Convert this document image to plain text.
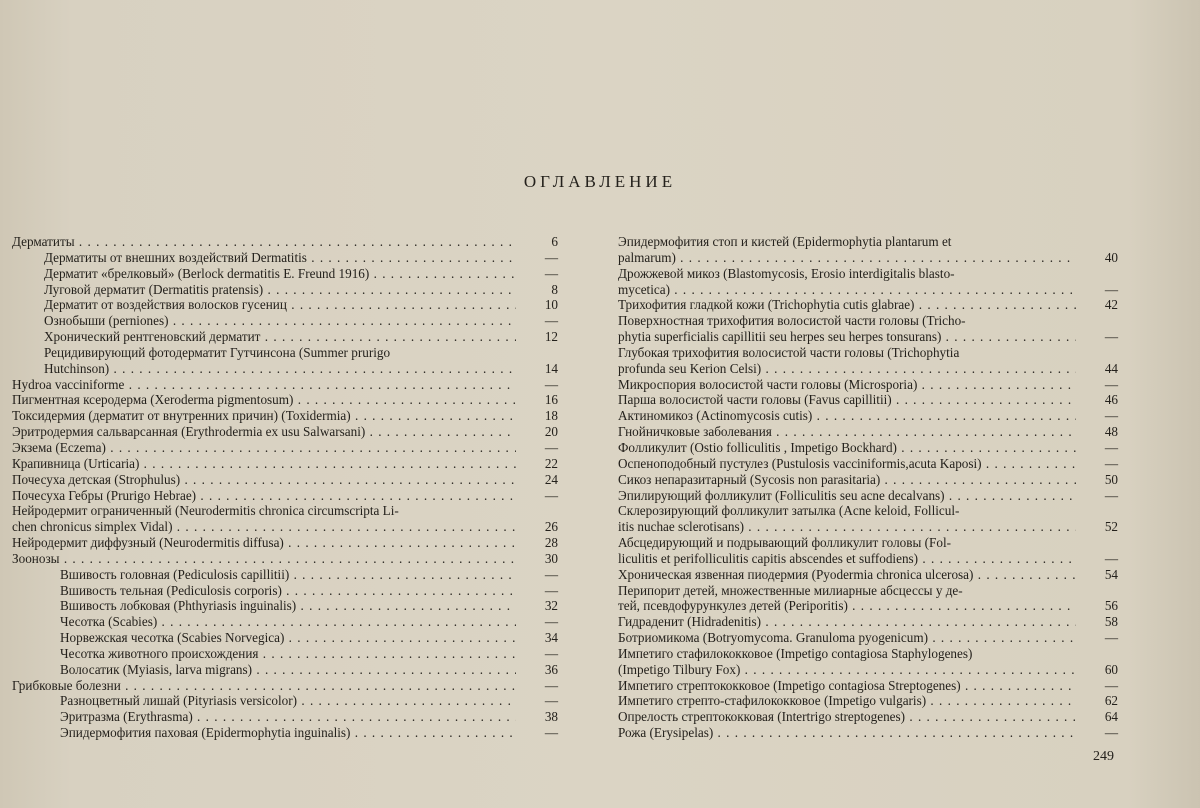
ОГЛАВЛЕНИЕ
Дерматиты . . .	6
Дерматиты от внешних воздействий Dermatitis . . .	—
Дерматит «брелковый» (Berlock dermatitis E. Freund 1916) . . .	—
Луговой дерматит (Dermatitis pratensis) . . .	8
Дерматит от воздействия волосков гусениц . . .	10
Ознобыши (perniones) . . .	—
Хронический рентгеновский дерматит . . .	12
Рецидивирующий фотодерматит Гутчинсона (Summer prurigo
Hutchinson) . . .	14
Hydroa vacciniforme . . .	—
Пигментная ксеродерма (Xeroderma pigmentosum) . . .	16
Токсидермия (дерматит от внутренних причин) (Toxidermia) . . .	18
Эритродермия сальварсанная (Erythrodermia ex usu Salwarsani) . . .	20
Экзема (Eczema) . . .	—
Крапивница (Urticaria) . . .	22
Почесуха детская (Strophulus) . . .	24
Почесуха Гебры (Prurigo Hebrae) . . .	—
Нейродермит ограниченный (Neurodermitis chronica circumscripta Li-
chen chronicus simplex Vidal) . . .	26
Нейродермит диффузный (Neurodermitis diffusa) . . .	28
Зоонозы . . .	30
Вшивость головная (Pediculosis capillitii) . . .	—
Вшивость тельная (Pediculosis corporis) . . .	—
Вшивость лобковая (Phthyriasis inguinalis) . . .	32
Чесотка (Scabies) . . .	—
Норвежская чесотка (Scabies Norvegica) . . .	34
Чесотка животного происхождения . . .	—
Волосатик (Myiasis, larva migrans) . . .	36
Грибковые болезни . . .	—
Разноцветный лишай (Pityriasis versicolor) . . .	—
Эритразма (Erythrasma) . . .	38
Эпидермофития паховая (Epidermophytia inguinalis) . . .	—
Эпидермофития стоп и кистей (Epidermophytia plantarum et
palmarum) . . .	40
Дрожжевой микоз (Blastomycosis, Erosio interdigitalis blasto-
mycetica) . . .	—
Трихофития гладкой кожи (Trichophytia cutis glabrae) . . .	42
Поверхностная трихофития волосистой части головы (Tricho-
phytia superficialis capillitii seu herpes seu herpes tonsurans) . . .	—
Глубокая трихофития волосистой части головы (Trichophytia
profunda seu Kerion Celsi) . . .	44
Микроспория волосистой части головы (Microsporia) . . .	—
Парша волосистой части головы (Favus capillitii) . . .	46
Актиномикоз (Actinomycosis cutis) . . .	—
Гнойничковые заболевания . . .	48
Фолликулит (Ostio folliculitis , Impetigo Bockhard) . . .	—
Оспеноподобный пустулез (Pustulosis vacciniformis,acuta Kaposi) . . .	—
Сикоз непаразитарный (Sycosis non parasitaria) . . .	50
Эпилирующий фолликулит (Folliculitis seu acne decalvans) . . .	—
Склерозирующий фолликулит затылка (Acne keloid, Follicul-
itis nuchae sclerotisans) . . .	52
Абсцедирующий и подрывающий фолликулит головы (Fol-
liculitis et perifolliculitis capitis abscendes et suffodiens) . . .	—
Хроническая язвенная пиодермия (Pyodermia chronica ulcerosa) . . .	54
Перипорит детей, множественные милиарные абсцессы у де-
тей, псевдофурункулез детей (Periporitis) . . .	56
Гидраденит (Hidradenitis) . . .	58
Ботриомикома (Botryomycoma. Granuloma pyogenicum) . . .	—
Импетиго стафилококковое (Impetigo contagiosa Staphylogenes)
(Impetigo Tilbury Fox) . . .	60
Импетиго стрептококковое (Impetigo contagiosa Streptogenes) . . .	—
Импетиго стрепто-стафилококковое (Impetigo vulgaris) . . .	62
Опрелость стрептококковая (Intertrigo streptogenes) . . .	64
Рожа (Erysipelas) . . .	—
249
